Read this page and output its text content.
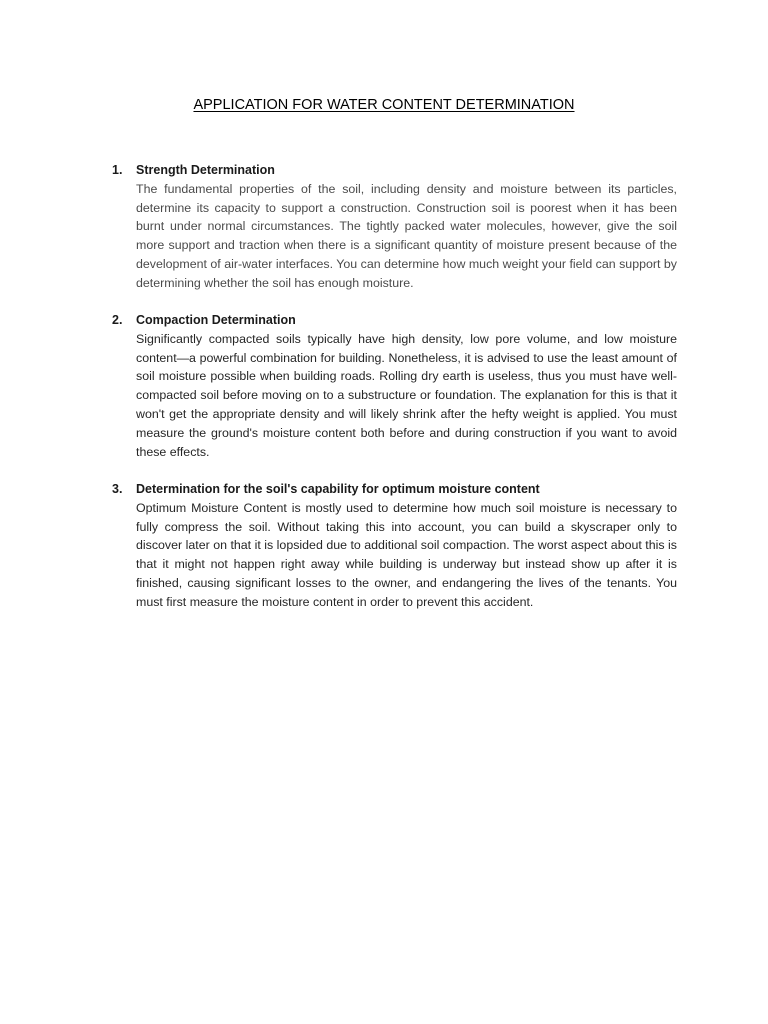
APPLICATION FOR WATER CONTENT DETERMINATION
1.	Strength Determination

The fundamental properties of the soil, including density and moisture between its particles, determine its capacity to support a construction. Construction soil is poorest when it has been burnt under normal circumstances. The tightly packed water molecules, however, give the soil more support and traction when there is a significant quantity of moisture present because of the development of air-water interfaces. You can determine how much weight your field can support by determining whether the soil has enough moisture.

2.	Compaction Determination

Significantly compacted soils typically have high density, low pore volume, and low moisture content—a powerful combination for building. Nonetheless, it is advised to use the least amount of soil moisture possible when building roads. Rolling dry earth is useless, thus you must have well-compacted soil before moving on to a substructure or foundation. The explanation for this is that it won't get the appropriate density and will likely shrink after the hefty weight is applied. You must measure the ground's moisture content both before and during construction if you want to avoid these effects.

3.	Determination for the soil's capability for optimum moisture content

Optimum Moisture Content is mostly used to determine how much soil moisture is necessary to fully compress the soil. Without taking this into account, you can build a skyscraper only to discover later on that it is lopsided due to additional soil compaction. The worst aspect about this is that it might not happen right away while building is underway but instead show up after it is finished, causing significant losses to the owner, and endangering the lives of the tenants. You must first measure the moisture content in order to prevent this accident.
